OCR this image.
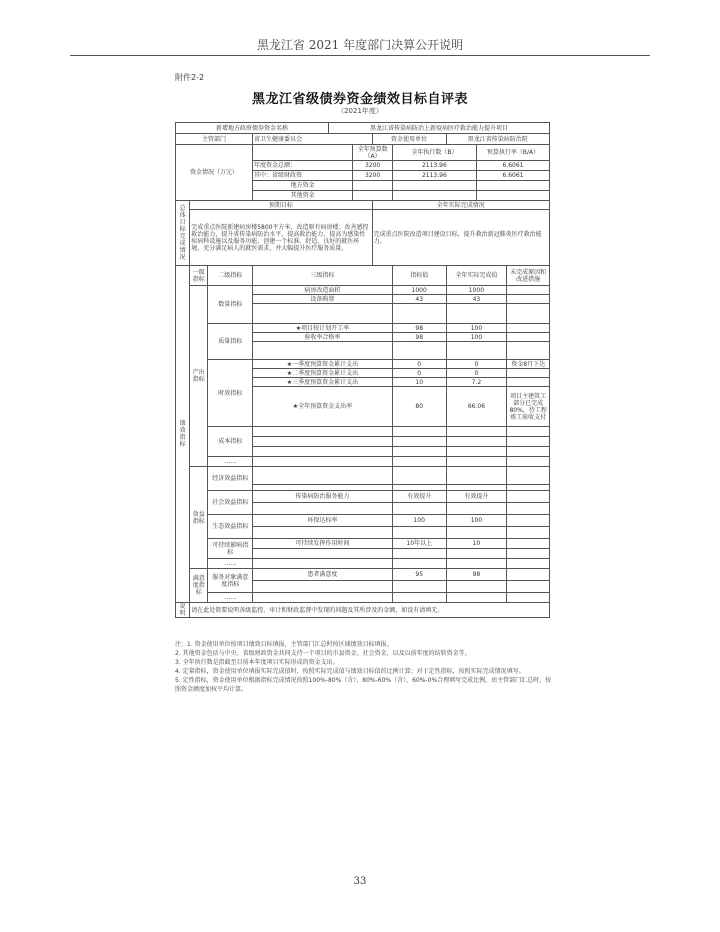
黑龙江省 2021 年度部门决算公开说明
附件2-2
黑龙江省级债券资金绩效目标自评表
（2021年度）
新增地方政府债券资金名称				黑龙江省传染病防治上新疫病医疗救治能力提升项目						
主管部门			省卫生健康委员会			资金使用单位		黑龙江省传染病防治院		
资金情况（万元）					全年预算数（A）		全年执行数（B）		预算执行率（B/A）	
			年度资金总额：		3200		2113.96		6.6061	
			其中：省级财政资		3200		2113.96		6.6061	
			地方资金							
			其他资金							
总体目标完成情况	预期目标					全年实际完成情况				
	完成重点医院新建病房楼5800平方米，改造原有病房楼；改善感控救治能力，提升省传染病防治水平，提高救治能力，提高为感染性疾病科设施以及服务功能，创建一个标准、舒适、良好的就医环境，充分满足病人的就医需求，并大幅提升医疗服务质量。					完成重点医院改造项目建设目标，提升救治新冠肺炎医疗救治能力。				
绩效指标	一级指标	二级指标	三级指标				指标值	全年实际完成值		未完成原因和改进措施
	产出指标	数量指标	病房改造面积				1000	1000		
			设备购置				43	43		

		质量指标	★项目按计划开工率				98	100		
			验收率合格率				98	100		

		时效指标	★一季度预算资金累计支出				0	0		资金8月下达
			★二季度预算资金累计支出				0	0		
			★三季度预算资金累计支出				10	7.2		
			★全年预算资金支出率				80	66.06		项目主建筑工部分已完成80%，待工程竣工验收支付
		成本指标								

		……								
	效益指标	经济效益指标								

		社会效益指标	传染病防治服务能力				有效提升	有效提升		

		生态效益指标	环保达标率				100	100		

		可持续影响指标	可持续发挥作用时间				10年以上	10		

		……								
	满意度指标	服务对象满意度指标	患者满意度				95	98		

		……								
说明	请在此处简要说明各级监控、审计和财政监督中发现的问题及其所涉及的金额，如没有请填无。									
注：1. 资金使用单位按项目绩效目标填报，主管部门汇总时按区域绩效目标填报。
2. 其他资金包括与中央、省级财政资金共同支持一个项目的市县资金、社会资金，以及以前年度的结转资金等。
3. 全年执行数是指截至目前本年度项目实际形成的资金支出。
4. 定量指标，资金使用单位填报实际完成值时，按照实际完成值与绩效目标值的比例计算；对于定性指标，按照实际完成情况填写。
5. 定性指标，资金使用单位根据指标完成情况按照100%-80%（含）、80%-60%（含）、60%-0%合理填写完成比例，由主管部门汇总时，按照资金额度加权平均计算。
33
